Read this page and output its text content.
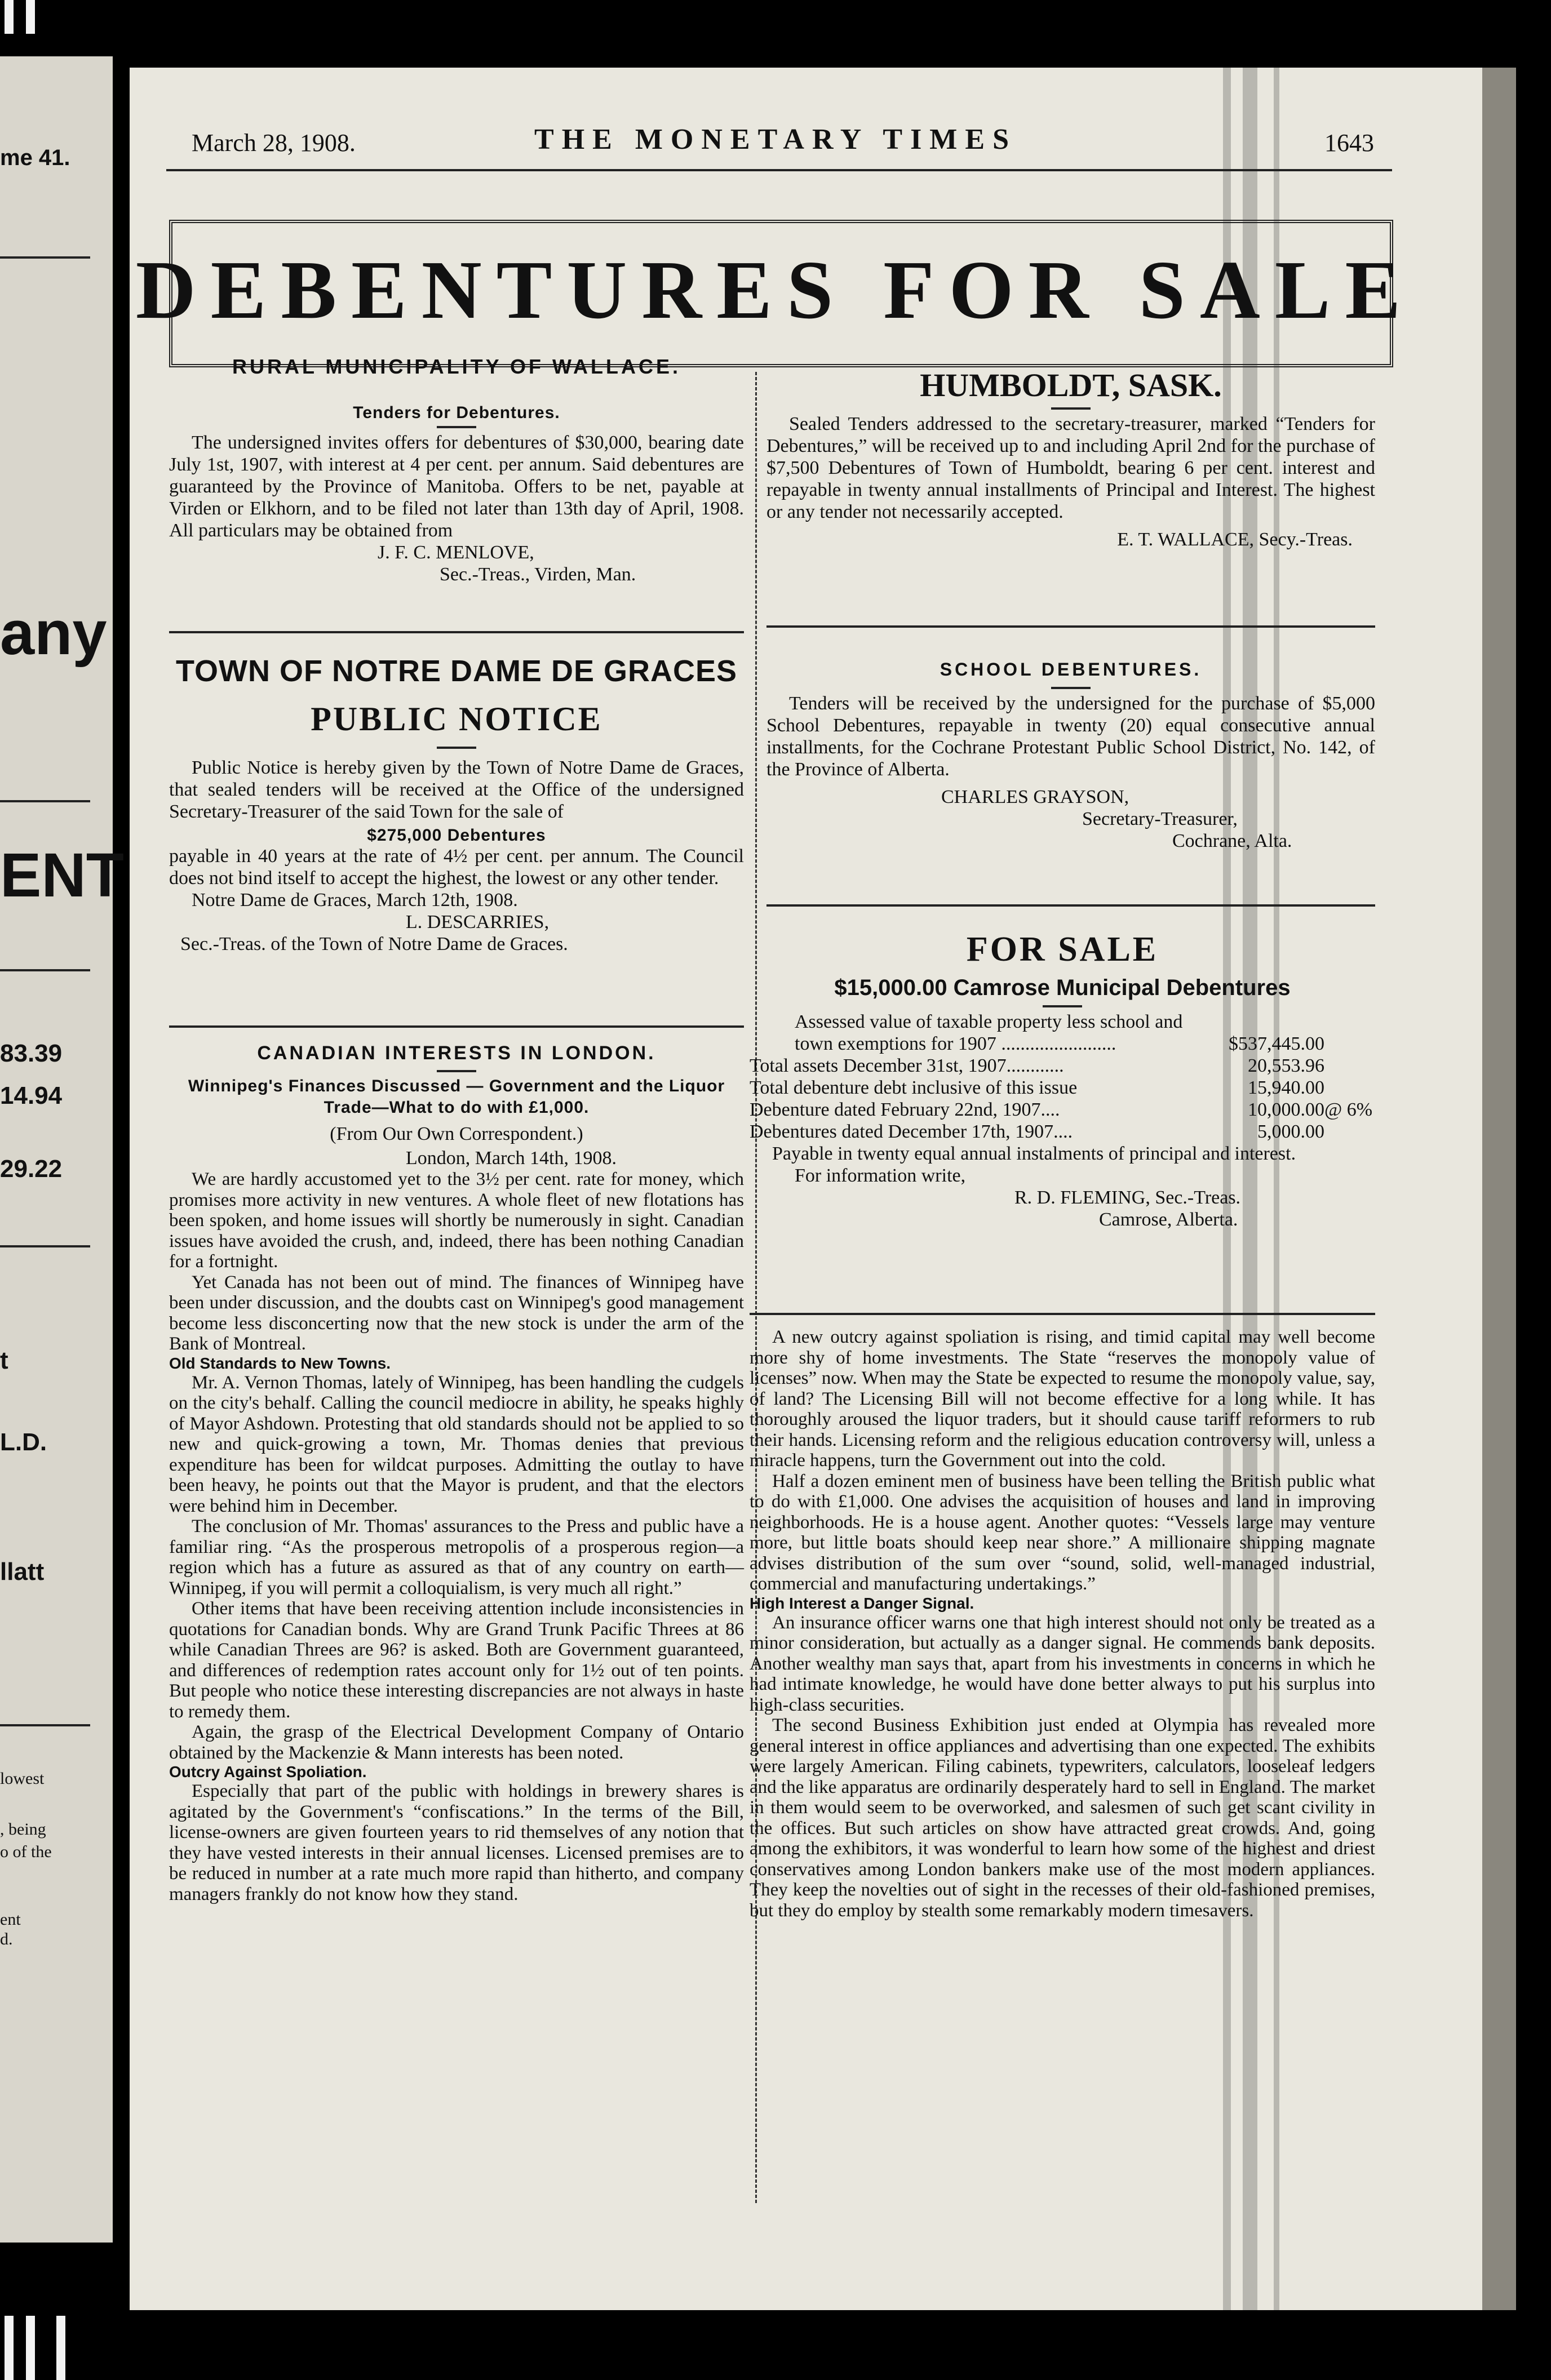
me 41.
any
ENT
83.39
14.94
29.22
t
L.D.
llatt
lowest
, being
o of the
ent
d.
March 28, 1908.	THE MONETARY TIMES	1643
DEBENTURES FOR SALE
RURAL MUNICIPALITY OF WALLACE.
Tenders for Debentures.

The undersigned invites offers for debentures of $30,000, bearing date July 1st, 1907, with interest at 4 per cent. per annum. Said debentures are guaranteed by the Province of Manitoba. Offers to be net, payable at Virden or Elkhorn, and to be filed not later than 13th day of April, 1908. All particulars may be obtained from

J. F. C. MENLOVE,
Sec.-Treas., Virden, Man.
HUMBOLDT, SASK.

Sealed Tenders addressed to the secretary-treasurer, marked “Tenders for Debentures,” will be received up to and including April 2nd for the purchase of $7,500 Debentures of Town of Humboldt, bearing 6 per cent. interest and repayable in twenty annual installments of Principal and Interest. The highest or any tender not necessarily accepted.

E. T. WALLACE, Secy.-Treas.
TOWN OF NOTRE DAME DE GRACES
PUBLIC NOTICE

Public Notice is hereby given by the Town of Notre Dame de Graces, that sealed tenders will be received at the Office of the undersigned Secretary-Treasurer of the said Town for the sale of

$275,000 Debentures

payable in 40 years at the rate of 4½ per cent. per annum. The Council does not bind itself to accept the highest, the lowest or any other tender.

Notre Dame de Graces, March 12th, 1908.
L. DESCARRIES,
Sec.-Treas. of the Town of Notre Dame de Graces.
SCHOOL DEBENTURES.

Tenders will be received by the undersigned for the purchase of $5,000 School Debentures, repayable in twenty (20) equal consecutive annual installments, for the Cochrane Protestant Public School District, No. 142, of the Province of Alberta.

CHARLES GRAYSON,
Secretary-Treasurer,
Cochrane, Alta.
FOR SALE
$15,000.00 Camrose Municipal Debentures
Assessed value of taxable property less school and town exemptions for 1907 ........................	$537,445.00
Total assets December 31st, 1907............	20,553.96
Total debenture debt inclusive of this issue	15,940.00
Debenture dated February 22nd, 1907....	10,000.00 @ 6%
Debentures dated December 17th, 1907....	5,000.00

Payable in twenty equal annual instalments of principal and interest.

For information write,
R. D. FLEMING, Sec.-Treas.
Camrose, Alberta.
CANADIAN INTERESTS IN LONDON.
Winnipeg's Finances Discussed — Government and the Liquor Trade—What to do with £1,000.
(From Our Own Correspondent.)
London, March 14th, 1908.

We are hardly accustomed yet to the 3½ per cent. rate for money, which promises more activity in new ventures. A whole fleet of new flotations has been spoken, and home issues will shortly be numerously in sight. Canadian issues have avoided the crush, and, indeed, there has been nothing Canadian for a fortnight.

Yet Canada has not been out of mind. The finances of Winnipeg have been under discussion, and the doubts cast on Winnipeg's good management become less disconcerting now that the new stock is under the arm of the Bank of Montreal.

Old Standards to New Towns.

Mr. A. Vernon Thomas, lately of Winnipeg, has been handling the cudgels on the city's behalf. Calling the council mediocre in ability, he speaks highly of Mayor Ashdown. Protesting that old standards should not be applied to so new and quick-growing a town, Mr. Thomas denies that previous expenditure has been for wildcat purposes. Admitting the outlay to have been heavy, he points out that the Mayor is prudent, and that the electors were behind him in December.

The conclusion of Mr. Thomas' assurances to the Press and public have a familiar ring. “As the prosperous metropolis of a prosperous region—a region which has a future as assured as that of any country on earth—Winnipeg, if you will permit a colloquialism, is very much all right.”

Other items that have been receiving attention include inconsistencies in quotations for Canadian bonds. Why are Grand Trunk Pacific Threes at 86 while Canadian Threes are 96? is asked. Both are Government guaranteed, and differences of redemption rates account only for 1½ out of ten points. But people who notice these interesting discrepancies are not always in haste to remedy them.

Again, the grasp of the Electrical Development Company of Ontario obtained by the Mackenzie & Mann interests has been noted.

Outcry Against Spoliation.

Especially that part of the public with holdings in brewery shares is agitated by the Government's “confiscations.” In the terms of the Bill, license-owners are given fourteen years to rid themselves of any notion that they have vested interests in their annual licenses. Licensed premises are to be reduced in number at a rate much more rapid than hitherto, and company managers frankly do not know how they stand.

A new outcry against spoliation is rising, and timid capital may well become more shy of home investments. The State “reserves the monopoly value of licenses” now. When may the State be expected to resume the monopoly value, say, of land? The Licensing Bill will not become effective for a long while. It has thoroughly aroused the liquor traders, but it should cause tariff reformers to rub their hands. Licensing reform and the religious education controversy will, unless a miracle happens, turn the Government out into the cold.

Half a dozen eminent men of business have been telling the British public what to do with £1,000. One advises the acquisition of houses and land in improving neighborhoods. He is a house agent. Another quotes: “Vessels large may venture more, but little boats should keep near shore.” A millionaire shipping magnate advises distribution of the sum over “sound, solid, well-managed industrial, commercial and manufacturing undertakings.”

High Interest a Danger Signal.

An insurance officer warns one that high interest should not only be treated as a minor consideration, but actually as a danger signal. He commends bank deposits. Another wealthy man says that, apart from his investments in concerns in which he had intimate knowledge, he would have done better always to put his surplus into high-class securities.

The second Business Exhibition just ended at Olympia has revealed more general interest in office appliances and advertising than one expected. The exhibits were largely American. Filing cabinets, typewriters, calculators, looseleaf ledgers and the like apparatus are ordinarily desperately hard to sell in England. The market in them would seem to be overworked, and salesmen of such get scant civility in the offices. But such articles on show have attracted great crowds. And, going among the exhibitors, it was wonderful to learn how some of the highest and driest conservatives among London bankers make use of the most modern appliances. They keep the novelties out of sight in the recesses of their old-fashioned premises, but they do employ by stealth some remarkably modern timesavers.
